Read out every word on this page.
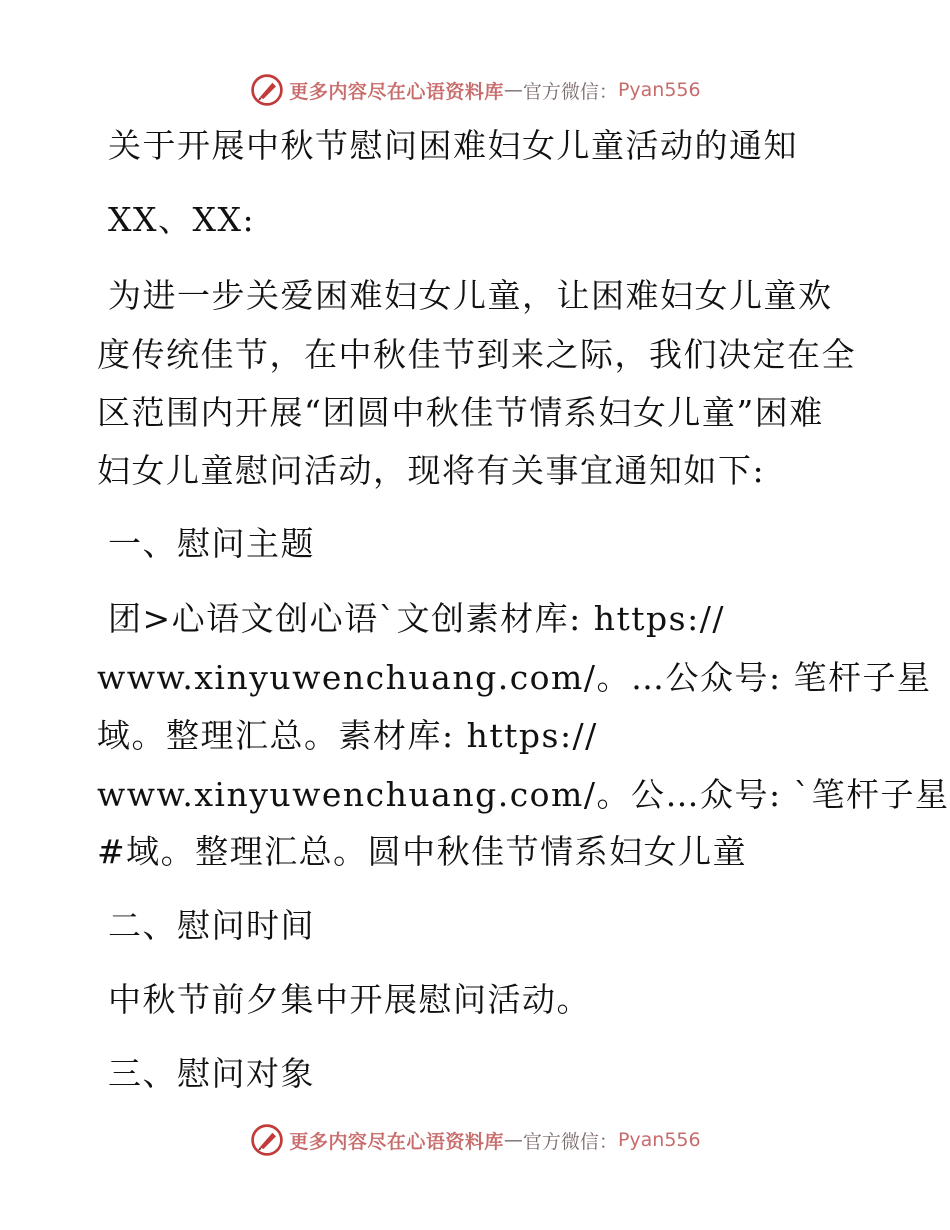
更多内容尽在心语资料库 — 官方微信： Pyan556
关于开展中秋节慰问困难妇女儿童活动的通知
XX、XX:
为进一步关爱困难妇女儿童，让困难妇女儿童欢
度传统佳节，在中秋佳节到来之际，我们决定在全
区范围内开展“团圆中秋佳节情系妇女儿童”困难
妇女儿童慰问活动，现将有关事宜通知如下:
一、慰问主题
团>心语文创心语`文创素材库: https://
www.xinyuwenchuang.com/。…公众号: 笔杆子星
域。整理汇总。素材库: https://
www.xinyuwenchuang.com/。公…众号: `笔杆子星
#域。整理汇总。圆中秋佳节情系妇女儿童
二、慰问时间
中秋节前夕集中开展慰问活动。
三、慰问对象
更多内容尽在心语资料库 — 官方微信： Pyan556
